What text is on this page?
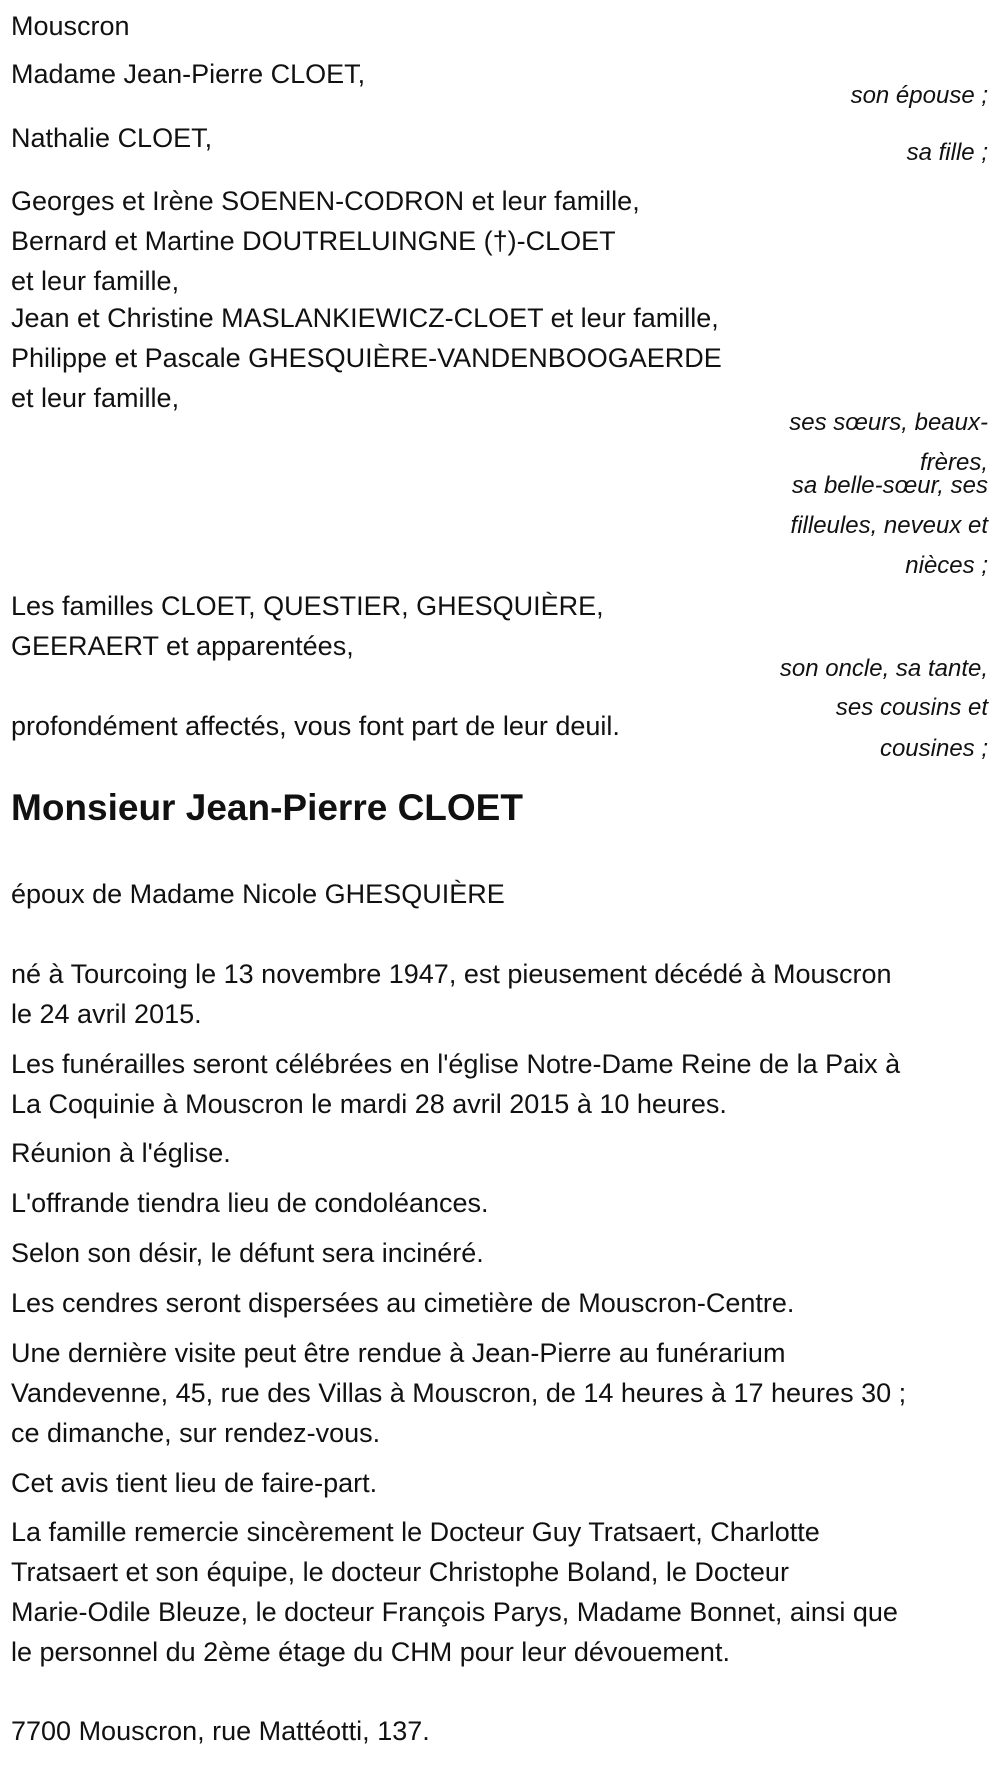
Mouscron
Madame Jean-Pierre CLOET,
son épouse ;
Nathalie CLOET,	sa fille ;
Georges et Irène SOENEN-CODRON et leur famille,
Bernard et Martine DOUTRELUINGNE (†)-CLOET
et leur famille,
Jean et Christine MASLANKIEWICZ-CLOET et leur famille,
Philippe et Pascale GHESQUIÈRE-VANDENBOOGAERDE
et leur famille,
ses sœurs, beaux-
frères,
sa belle-sœur, ses
filleules, neveux et
nièces ;
Les familles CLOET, QUESTIER, GHESQUIÈRE,
GEERAERT et apparentées,
son oncle, sa tante,
ses cousins et
cousines ;
profondément affectés, vous font part de leur deuil.
Monsieur Jean-Pierre CLOET
époux de Madame Nicole GHESQUIÈRE
né à Tourcoing le 13 novembre 1947, est pieusement décédé à Mouscron
le 24 avril 2015.
Les funérailles seront célébrées en l'église Notre-Dame Reine de la Paix à
La Coquinie à Mouscron le mardi 28 avril 2015 à 10 heures.
Réunion à l'église.
L'offrande tiendra lieu de condoléances.
Selon son désir, le défunt sera incinéré.
Les cendres seront dispersées au cimetière de Mouscron-Centre.
Une dernière visite peut être rendue à Jean-Pierre au funérarium
Vandevenne, 45, rue des Villas à Mouscron, de 14 heures à 17 heures 30 ;
ce dimanche, sur rendez-vous.
Cet avis tient lieu de faire-part.
La famille remercie sincèrement le Docteur Guy Tratsaert, Charlotte
Tratsaert et son équipe, le docteur Christophe Boland, le Docteur
Marie-Odile Bleuze, le docteur François Parys, Madame Bonnet, ainsi que
le personnel du 2ème étage du CHM pour leur dévouement.
7700 Mouscron, rue Mattéotti, 137.
